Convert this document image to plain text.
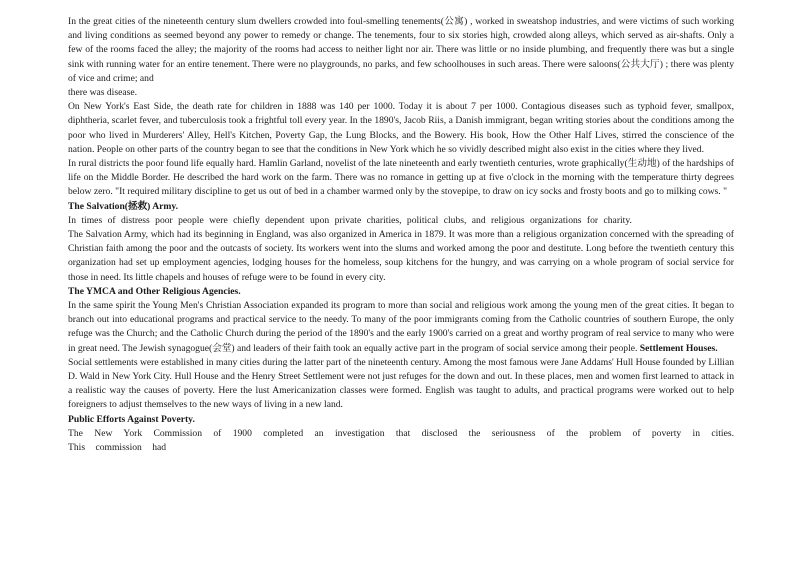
In the great cities of the nineteenth century slum dwellers crowded into foul-smelling tenements(公寓) , worked in sweatshop industries, and were victims of such working and living conditions as seemed beyond any power to remedy or change. The tenements, four to six stories high, crowded along alleys, which served as air-shafts. Only a few of the rooms faced the alley; the majority of the rooms had access to neither light nor air. There was little or no inside plumbing, and frequently there was but a single sink with running water for an entire tenement. There were no playgrounds, no parks, and few schoolhouses in such areas. There were saloons(公共大厅) ; there was plenty of vice and crime; and

there was disease.

On New York's East Side, the death rate for children in 1888 was 140 per 1000. Today it is about 7 per 1000. Contagious diseases such as typhoid fever, smallpox, diphtheria, scarlet fever, and tuberculosis took a frightful toll every year. In the 1890's, Jacob Riis, a Danish immigrant, began writing stories about the conditions among the poor who lived in Murderers' Alley, Hell's Kitchen, Poverty Gap, the Lung Blocks, and the Bowery. His book, How the Other Half Lives, stirred the conscience of the nation. People on other parts of the country began to see that the conditions in New York which he so vividly described might also exist in the cities where they lived.

In rural districts the poor found life equally hard. Hamlin Garland, novelist of the late nineteenth and early twentieth centuries, wrote graphically(生动地) of the hardships of life on the Middle Border. He described the hard work on the farm. There was no romance in getting up at five o'clock in the morning with the temperature thirty degrees below zero. "It required military discipline to get us out of bed in a chamber warmed only by the stovepipe, to draw on icy socks and frosty boots and go to milking cows. "

The Salvation(拯救) Army.

In times of distress poor people were chiefly dependent upon private charities, political clubs, and religious organizations for charity.

The Salvation Army, which had its beginning in England, was also organized in America in 1879. It was more than a religious organization concerned with the spreading of Christian faith among the poor and the outcasts of society. Its workers went into the slums and worked among the poor and destitute. Long before the twentieth century this organization had set up employment agencies, lodging houses for the homeless, soup kitchens for the hungry, and was carrying on a whole program of social service for those in need. Its little chapels and houses of refuge were to be found in every city.

The YMCA and Other Religious Agencies.

In the same spirit the Young Men's Christian Association expanded its program to more than social and religious work among the young men of the great cities. It began to branch out into educational programs and practical service to the needy. To many of the poor immigrants coming from the Catholic countries of southern Europe, the only refuge was the Church; and the Catholic Church during the period of the 1890's and the early 1900's carried on a great and worthy program of real service to many who were in great need. The Jewish synagogue(会堂) and leaders of their faith took an equally active part in the program of social service among their people. Settlement Houses.

Social settlements were established in many cities during the latter part of the nineteenth century. Among the most famous were Jane Addams' Hull House founded by Lillian D. Wald in New York City. Hull House and the Henry Street Settlement were not just refuges for the down and out. In these places, men and women first learned to attack in a realistic way the causes of poverty. Here the lust Americanization classes were formed. English was taught to adults, and practical programs were worked out to help foreigners to adjust themselves to the new ways of living in a new land.

Public Efforts Against Poverty.

The New York Commission of 1900 completed an investigation that disclosed the seriousness of the problem of poverty in cities. This commission had
